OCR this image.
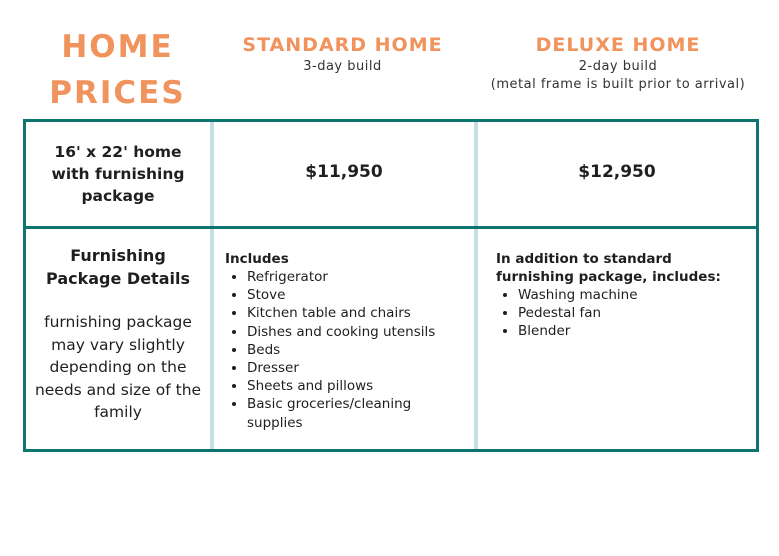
HOME
PRICES
STANDARD HOME
3-day build
DELUXE HOME
2-day build
(metal frame is built prior to arrival)
16' x 22' home with furnishing package
$11,950	$12,950
Furnishing Package Details
furnishing package may vary slightly depending on the needs and size of the family
Includes
• Refrigerator
• Stove
• Kitchen table and chairs
• Dishes and cooking utensils
• Beds
• Dresser
• Sheets and pillows
• Basic groceries/cleaning supplies
In addition to standard furnishing package, includes:
• Washing machine
• Pedestal fan
• Blender
